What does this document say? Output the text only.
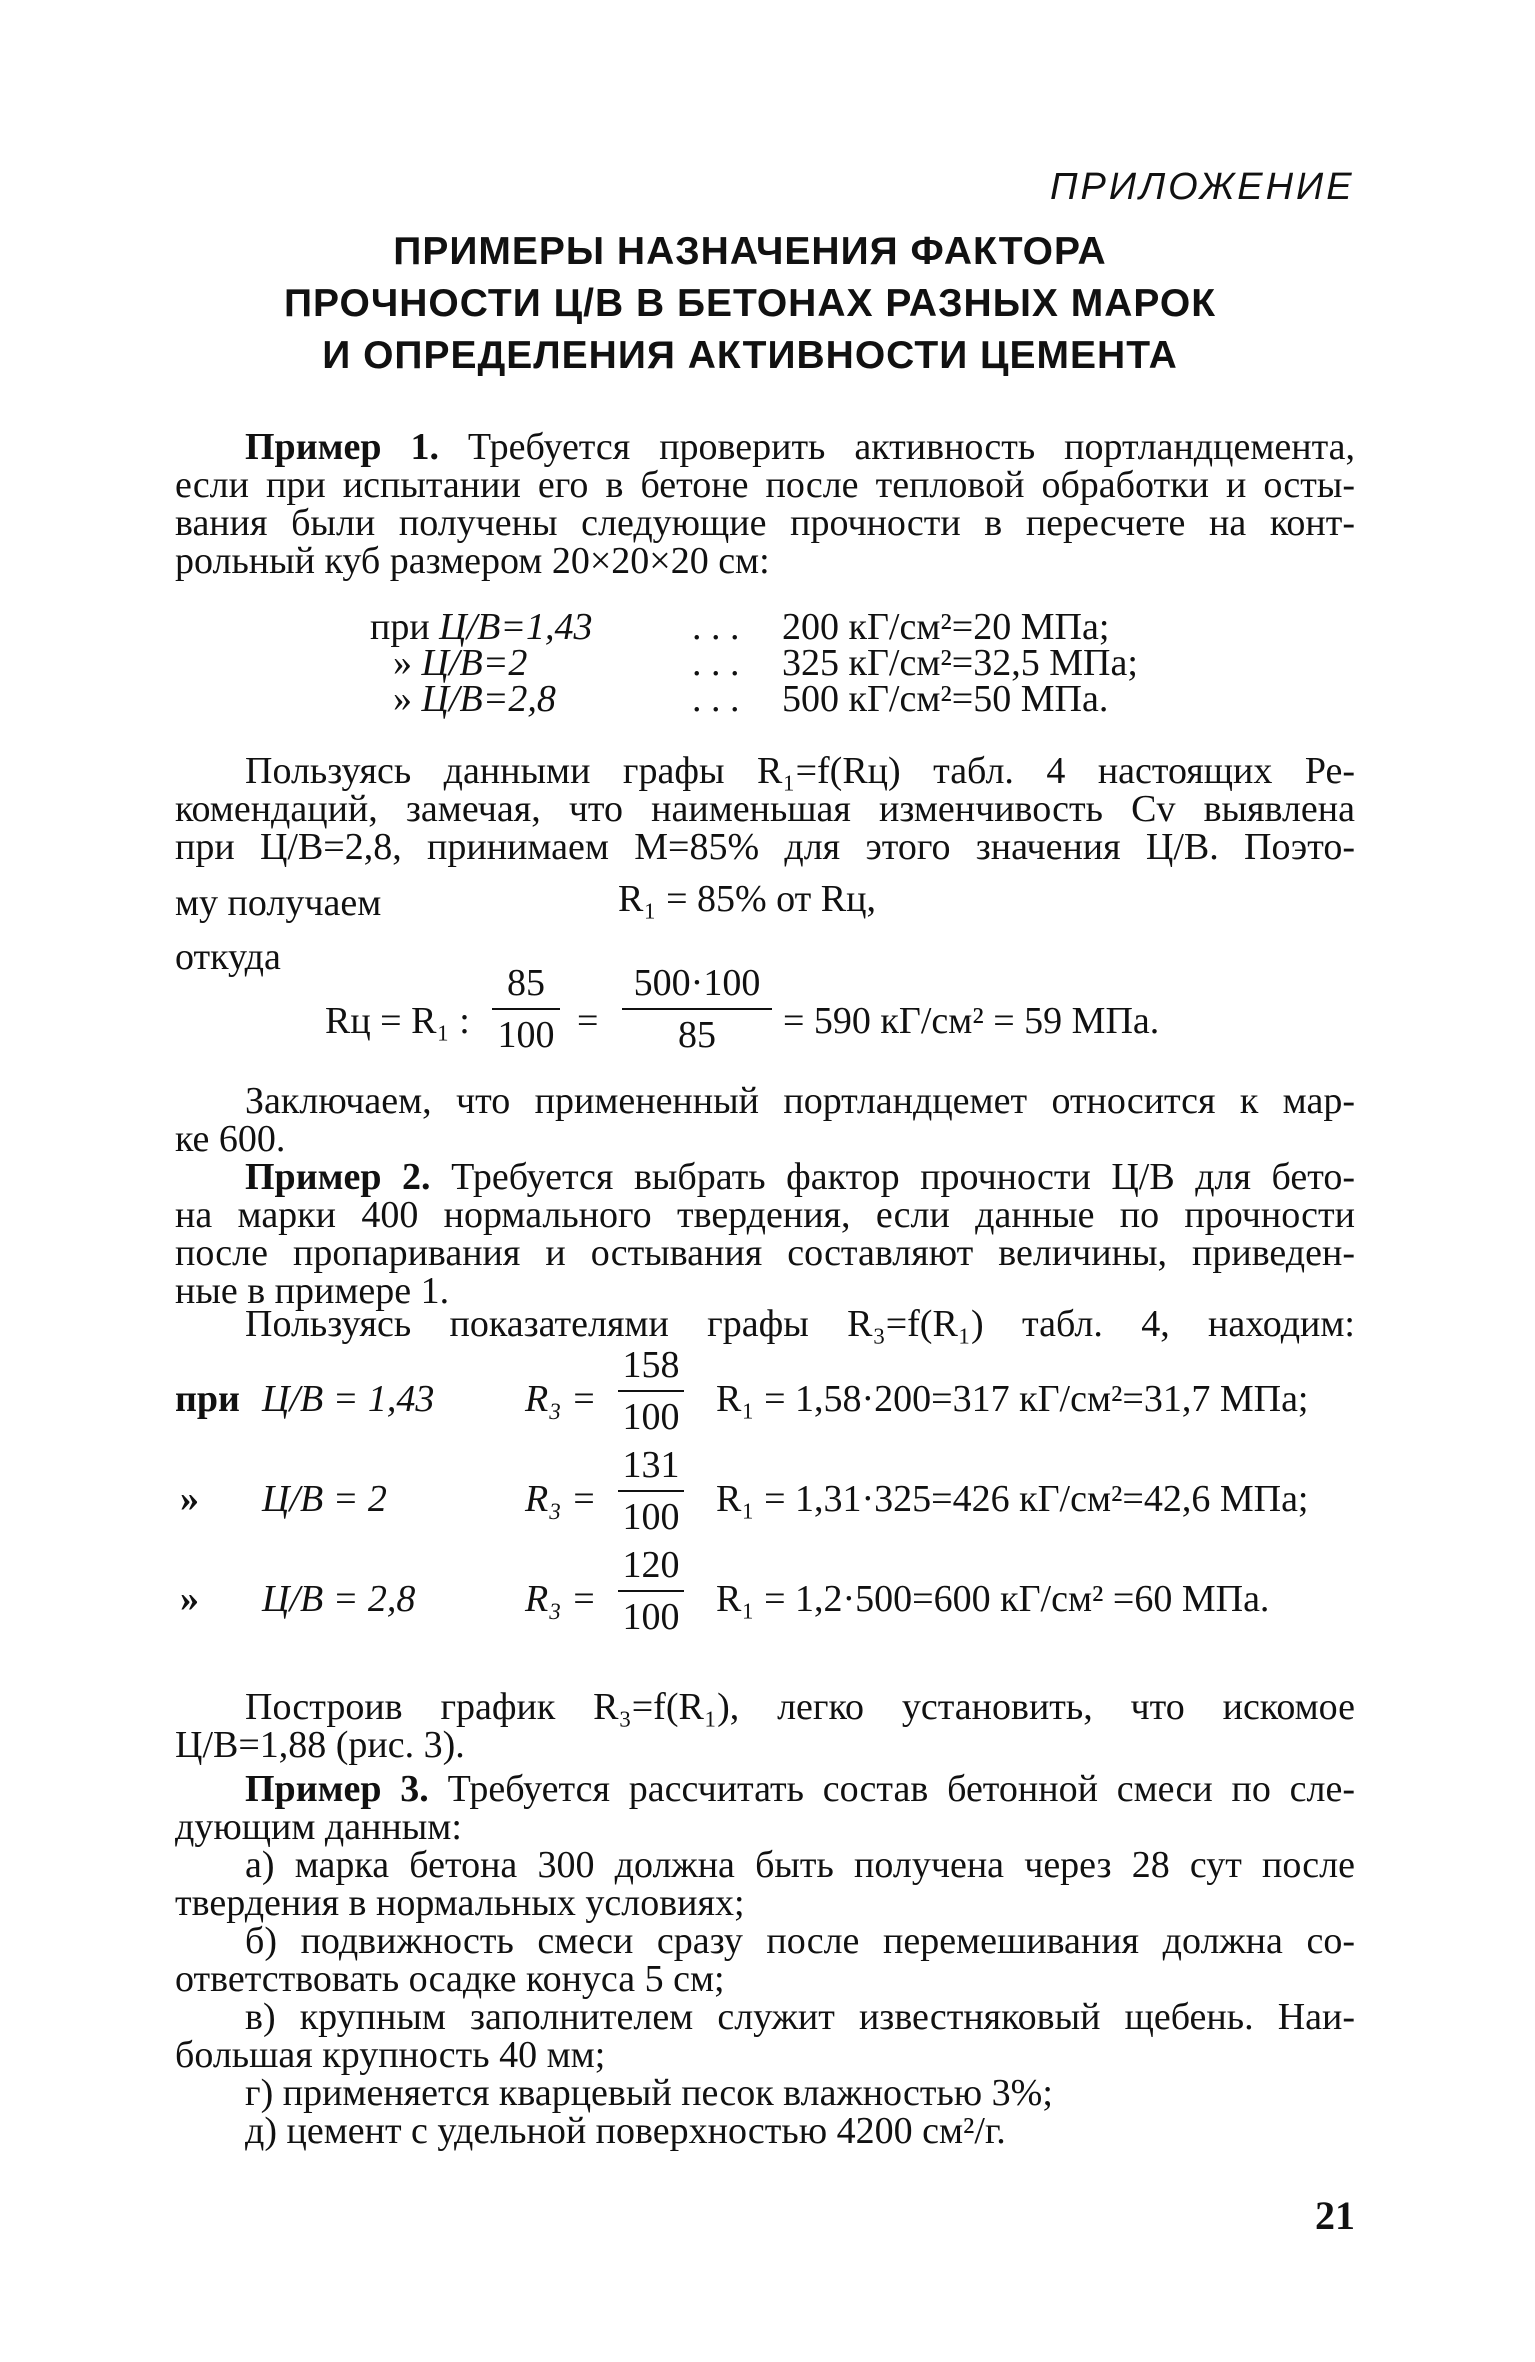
ПРИЛОЖЕНИЕ
ПРИМЕРЫ НАЗНАЧЕНИЯ ФАКТОРА
ПРОЧНОСТИ Ц/В В БЕТОНАХ РАЗНЫХ МАРОК
И ОПРЕДЕЛЕНИЯ АКТИВНОСТИ ЦЕМЕНТА
Пример 1. Требуется проверить активность портландцемента,
если при испытании его в бетоне после тепловой обработки и осты-
вания были получены следующие прочности в пересчете на конт-
рольный куб размером 20×20×20 см:
при Ц/В=1,43	. . . 200 кГ/см²=20 МПа;
» Ц/В=2	. . . 325 кГ/см²=32,5 МПа;
» Ц/В=2,8	. . . 500 кГ/см²=50 МПа.
Пользуясь данными графы R₁=f(Rц) табл. 4 настоящих Ре-
комендаций, замечая, что наименьшая изменчивость Cv выявлена
при Ц/В=2,8, принимаем M=85% для этого значения Ц/В. Поэто-
му получаем	R₁ = 85% от Rц,
откуда
Rц = R₁ :
85
100 =
500·100
85	= 590 кГ/см² = 59 МПа.
Заключаем, что примененный портландцемет относится к мар-
ке 600.
Пример 2. Требуется выбрать фактор прочности Ц/В для бето-
на марки 400 нормального твердения, если данные по прочности
после пропаривания и остывания составляют величины, приведен-
ные в примере 1.
Пользуясь показателями графы R₃=f(R₁) табл. 4, находим:
при Ц/В = 1,43 R₃ =
158
100 R₁ = 1,58·200=317 кГ/см²=31,7 МПа;
» Ц/В = 2	R₃ =
131
100 R₁ = 1,31·325=426 кГ/см²=42,6 МПа;
» Ц/В = 2,8	R₃ =
120
100 R₁ = 1,2·500=600 кГ/см² =60 МПа.
Построив график R₃=f(R₁), легко установить, что искомое
Ц/В=1,88 (рис. 3).
Пример 3. Требуется рассчитать состав бетонной смеси по сле-
дующим данным:
а) марка бетона 300 должна быть получена через 28 сут после
твердения в нормальных условиях;
б) подвижность смеси сразу после перемешивания должна со-
ответствовать осадке конуса 5 см;
в) крупным заполнителем служит известняковый щебень. Наи-
большая крупность 40 мм;
г) применяется кварцевый песок влажностью 3%;
д) цемент с удельной поверхностью 4200 см²/г.
21
